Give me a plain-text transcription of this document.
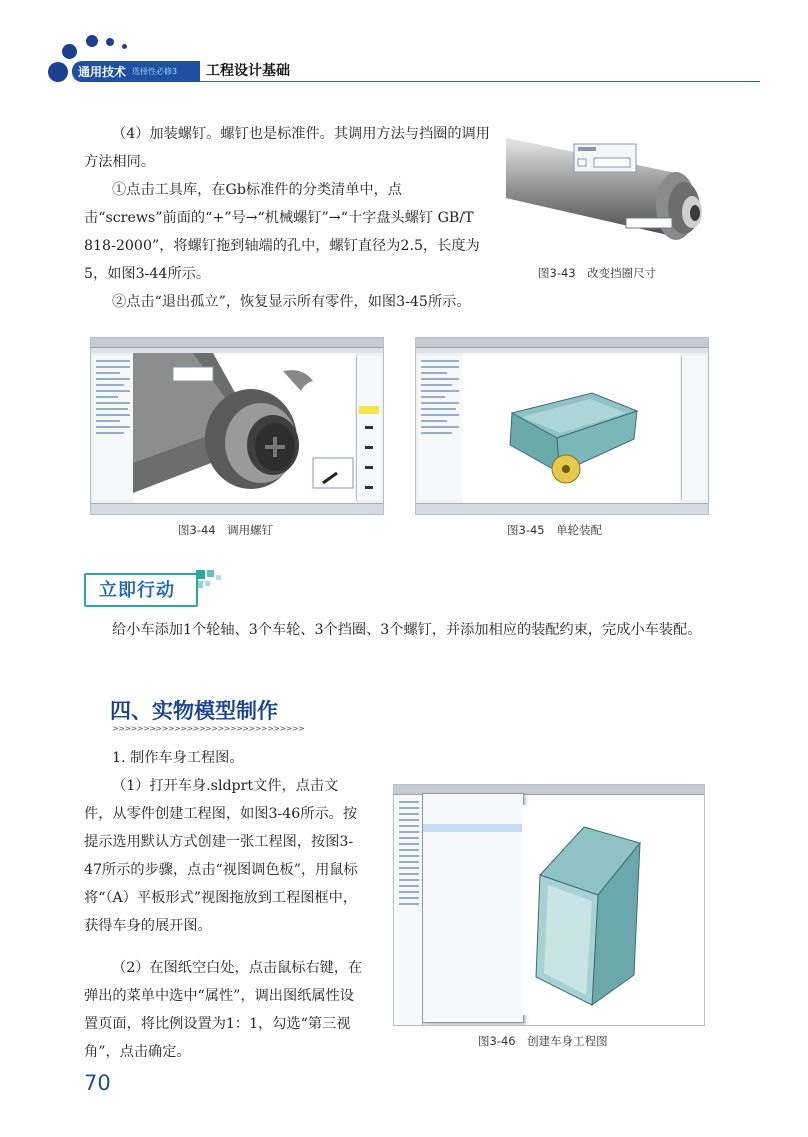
通用技术 选择性必修3 工程设计基础
（4）加装螺钉。螺钉也是标准件。其调用方法与挡圈的调用方法相同。
①点击工具库，在Gb标准件的分类清单中，点击“screws”前面的“+”号→“机械螺钉”→“十字盘头螺钉 GB/T 818-2000”，将螺钉拖到轴端的孔中，螺钉直径为2.5，长度为5，如图3-44所示。
②点击“退出孤立”，恢复显示所有零件，如图3-45所示。
图3-43　改变挡圈尺寸
图3-44　调用螺钉	图3-45　单轮装配
立即行动
给小车添加1个轮轴、3个车轮、3个挡圈、3个螺钉，并添加相应的装配约束，完成小车装配。
四、实物模型制作
>>>>>>>>>>>>>>>>>>>>>>>>>>>>>>>
1. 制作车身工程图。
（1）打开车身.sldprt文件，点击文件，从零件创建工程图，如图3-46所示。按提示选用默认方式创建一张工程图，按图3-47所示的步骤，点击“视图调色板”，用鼠标将“（A）平板形式”视图拖放到工程图框中，获得车身的展开图。
（2）在图纸空白处，点击鼠标右键，在弹出的菜单中选中“属性”，调出图纸属性设置页面，将比例设置为1：1，勾选“第三视角”，点击确定。
图3-46　创建车身工程图
70
